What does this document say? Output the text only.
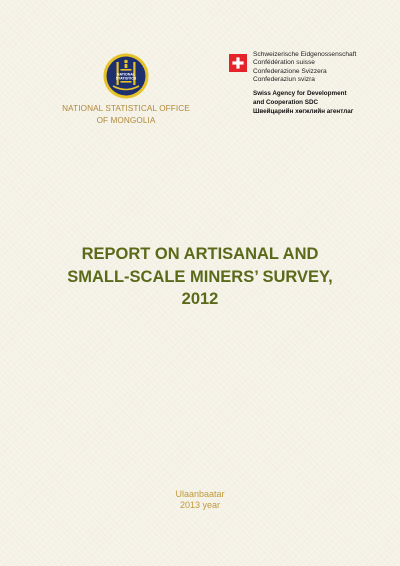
NATIONAL
STATISTICS
NATIONAL STATISTICAL OFFICE
OF MONGOLIA
Schweizerische Eidgenossenschaft
Confédération suisse
Confederazione Svizzera
Confederaziun svizra
Swiss Agency for Development
and Cooperation SDC
Швейцарийн хөгжлийн агентлаг
REPORT ON ARTISANAL AND
SMALL-SCALE MINERS’ SURVEY,
2012
Ulaanbaatar
2013 year
